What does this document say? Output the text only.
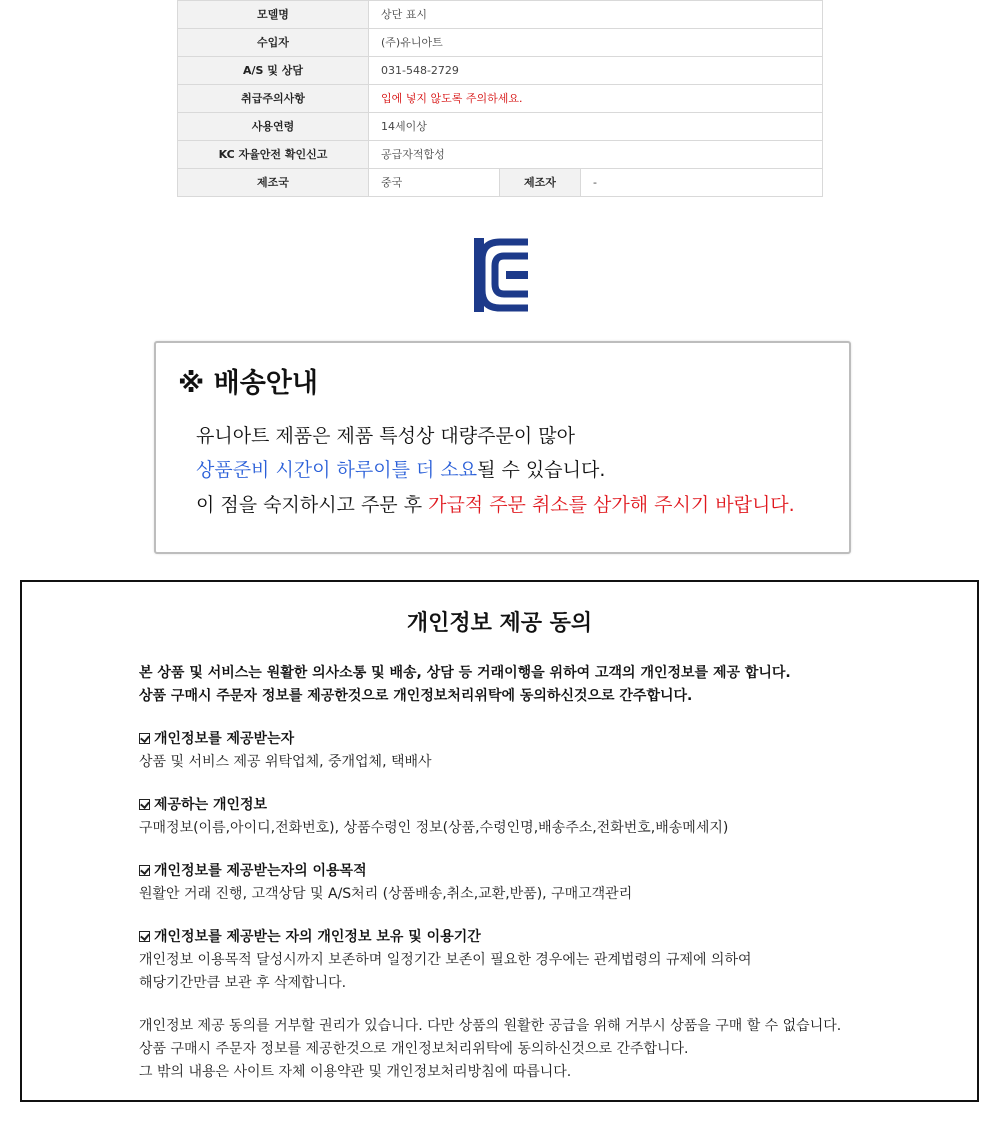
모델명	상단 표시		
수입자	(주)유니아트		
A/S 및 상담	031-548-2729		
취급주의사항	입에 넣지 않도록 주의하세요.		
사용연령	14세이상		
KC 자율안전 확인신고	공급자적합성		
제조국	중국	제조자	-
※ 배송안내
유니아트 제품은 제품 특성상 대량주문이 많아
상품준비 시간이 하루이틀 더 소요될 수 있습니다.
이 점을 숙지하시고 주문 후 가급적 주문 취소를 삼가해 주시기 바랍니다.
개인정보 제공 동의
본 상품 및 서비스는 원활한 의사소통 및 배송, 상담 등 거래이행을 위하여 고객의 개인정보를 제공 합니다.
상품 구매시 주문자 정보를 제공한것으로 개인정보처리위탁에 동의하신것으로 간주합니다.
개인정보를 제공받는자
상품 및 서비스 제공 위탁업체, 중개업체, 택배사
제공하는 개인정보
구매정보(이름,아이디,전화번호), 상품수령인 정보(상품,수령인명,배송주소,전화번호,배송메세지)
개인정보를 제공받는자의 이용목적
원활안 거래 진행, 고객상담 및 A/S처리 (상품배송,취소,교환,반품), 구매고객관리
개인정보를 제공받는 자의 개인정보 보유 및 이용기간
개인정보 이용목적 달성시까지 보존하며 일정기간 보존이 필요한 경우에는 관계법령의 규제에 의하여
해당기간만큼 보관 후 삭제합니다.
개인정보 제공 동의를 거부할 권리가 있습니다. 다만 상품의 원활한 공급을 위해 거부시 상품을 구매 할 수 없습니다.
상품 구매시 주문자 정보를 제공한것으로 개인정보처리위탁에 동의하신것으로 간주합니다.
그 밖의 내용은 사이트 자체 이용약관 및 개인정보처리방침에 따릅니다.
